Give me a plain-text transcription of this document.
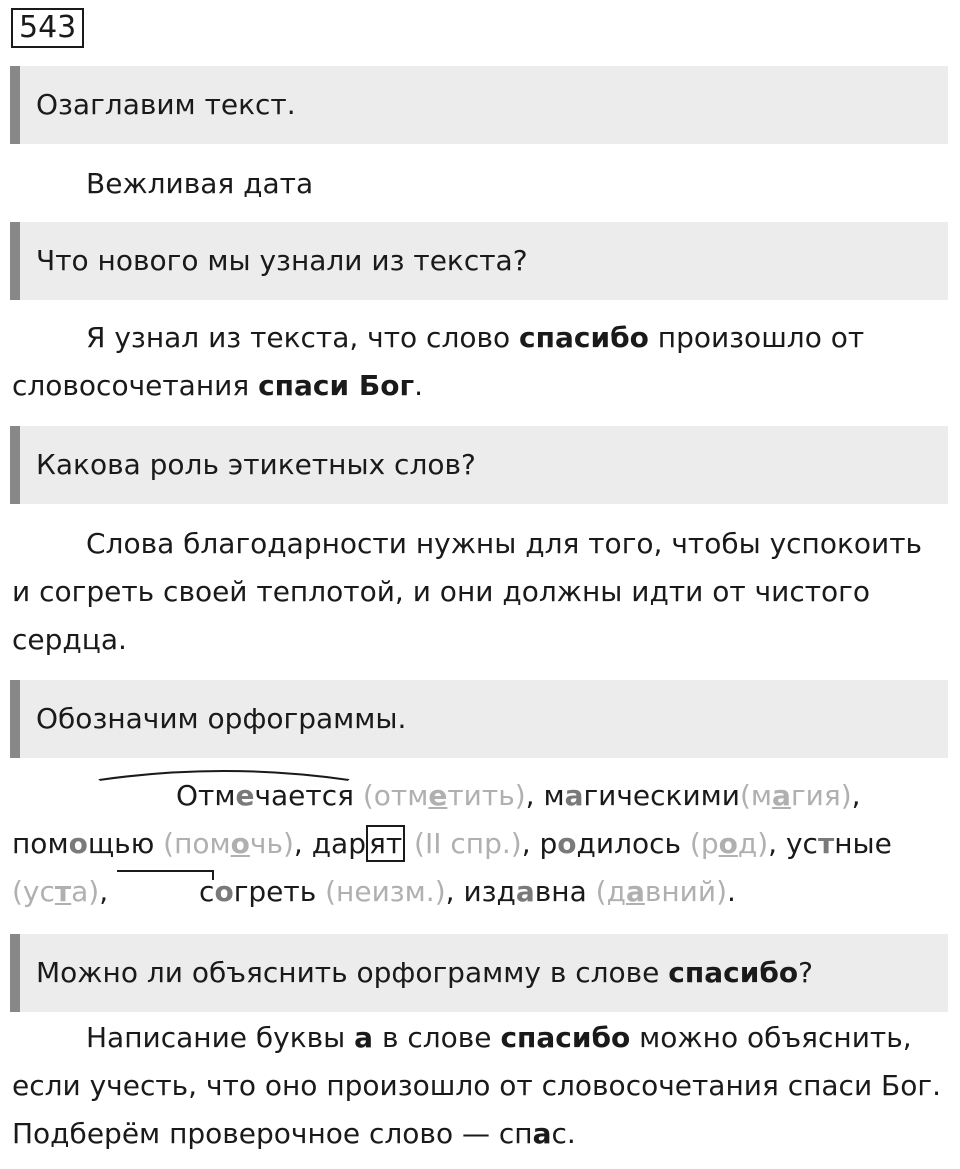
543
Озаглавим текст.
Вежливая дата
Что нового мы узнали из текста?
Я узнал из текста, что слово спасибо произошло от словосочетания спаси Бог.
Какова роль этикетных слов?
Слова благодарности нужны для того, чтобы успокоить и согреть своей теплотой, и они должны идти от чистого сердца.
Обозначим орфограммы.
Отмечается (отметить), магическими(магия), помощью (помочь), дар ят (II спр.), родилось (род), устные (уста),	согреть (неизм.), издавна (давний).
Можно ли объяснить орфограмму в слове спасибо?
Написание буквы а в слове спасибо можно объяснить, если учесть, что оно произошло от словосочетания спаси Бог. Подберём проверочное слово — спас.
